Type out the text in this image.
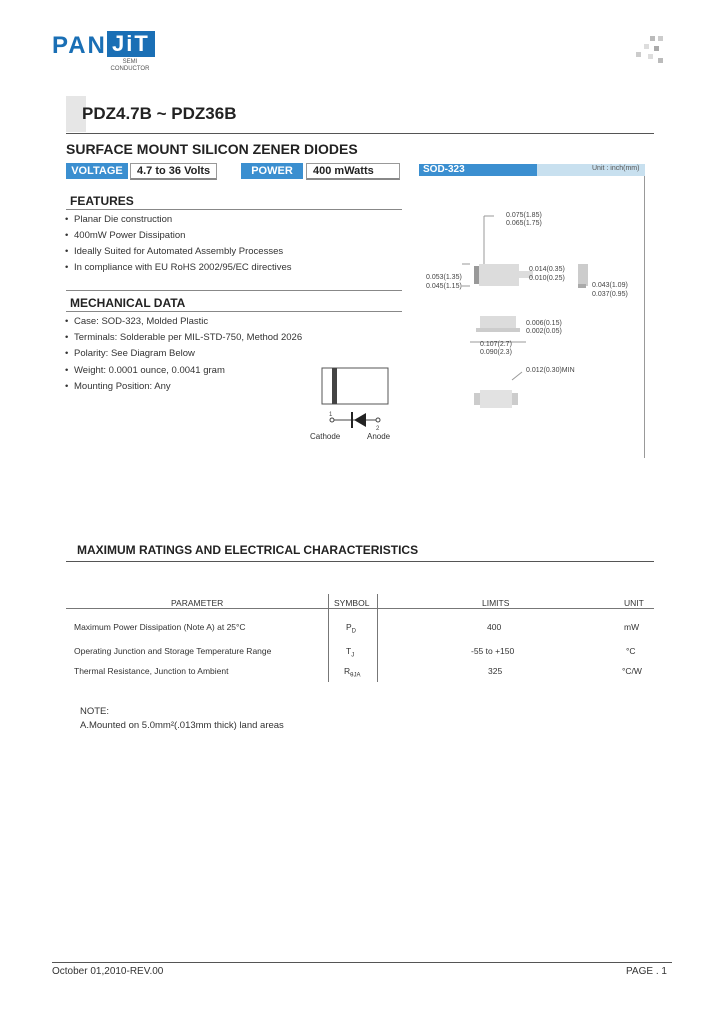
PAN JiT
SEMI
CONDUCTOR
PDZ4.7B ~ PDZ36B
SURFACE MOUNT SILICON ZENER DIODES
VOLTAGE	4.7 to 36 Volts	POWER	400 mWatts	SOD-323	Unit : inch(mm)
FEATURES
• Planar Die construction
• 400mW Power Dissipation
• Ideally Suited for Automated Assembly Processes
• In compliance with EU RoHS 2002/95/EC directives
MECHANICAL DATA
• Case: SOD-323, Molded Plastic
• Terminals: Solderable per MIL-STD-750, Method 2026
• Polarity: See Diagram Below
• Weight: 0.0001 ounce, 0.0041 gram
• Mounting Position: Any
1
2
Cathode	Anode
0.075(1.85)
0.065(1.75)
0.014(0.35)
0.010(0.25)
0.053(1.35)
0.045(1.15)	0.043(1.09)
0.037(0.95)
0.006(0.15)
0.002(0.05)
0.107(2.7)
0.090(2.3)
0.012(0.30)MIN
MAXIMUM RATINGS AND ELECTRICAL CHARACTERISTICS
PARAMETER	SYMBOL	LIMITS	UNIT
Maximum Power Dissipation (Note A) at 25°C	$P_D$	400	mW
Operating Junction and Storage Temperature Range	$T_J$	-55 to +150	°C
Thermal Resistance, Junction to Ambient	$R_{\theta JA}$	325	°C/W
NOTE:
A.Mounted on 5.0mm²(.013mm thick) land areas
October 01,2010-REV.00	PAGE . 1
